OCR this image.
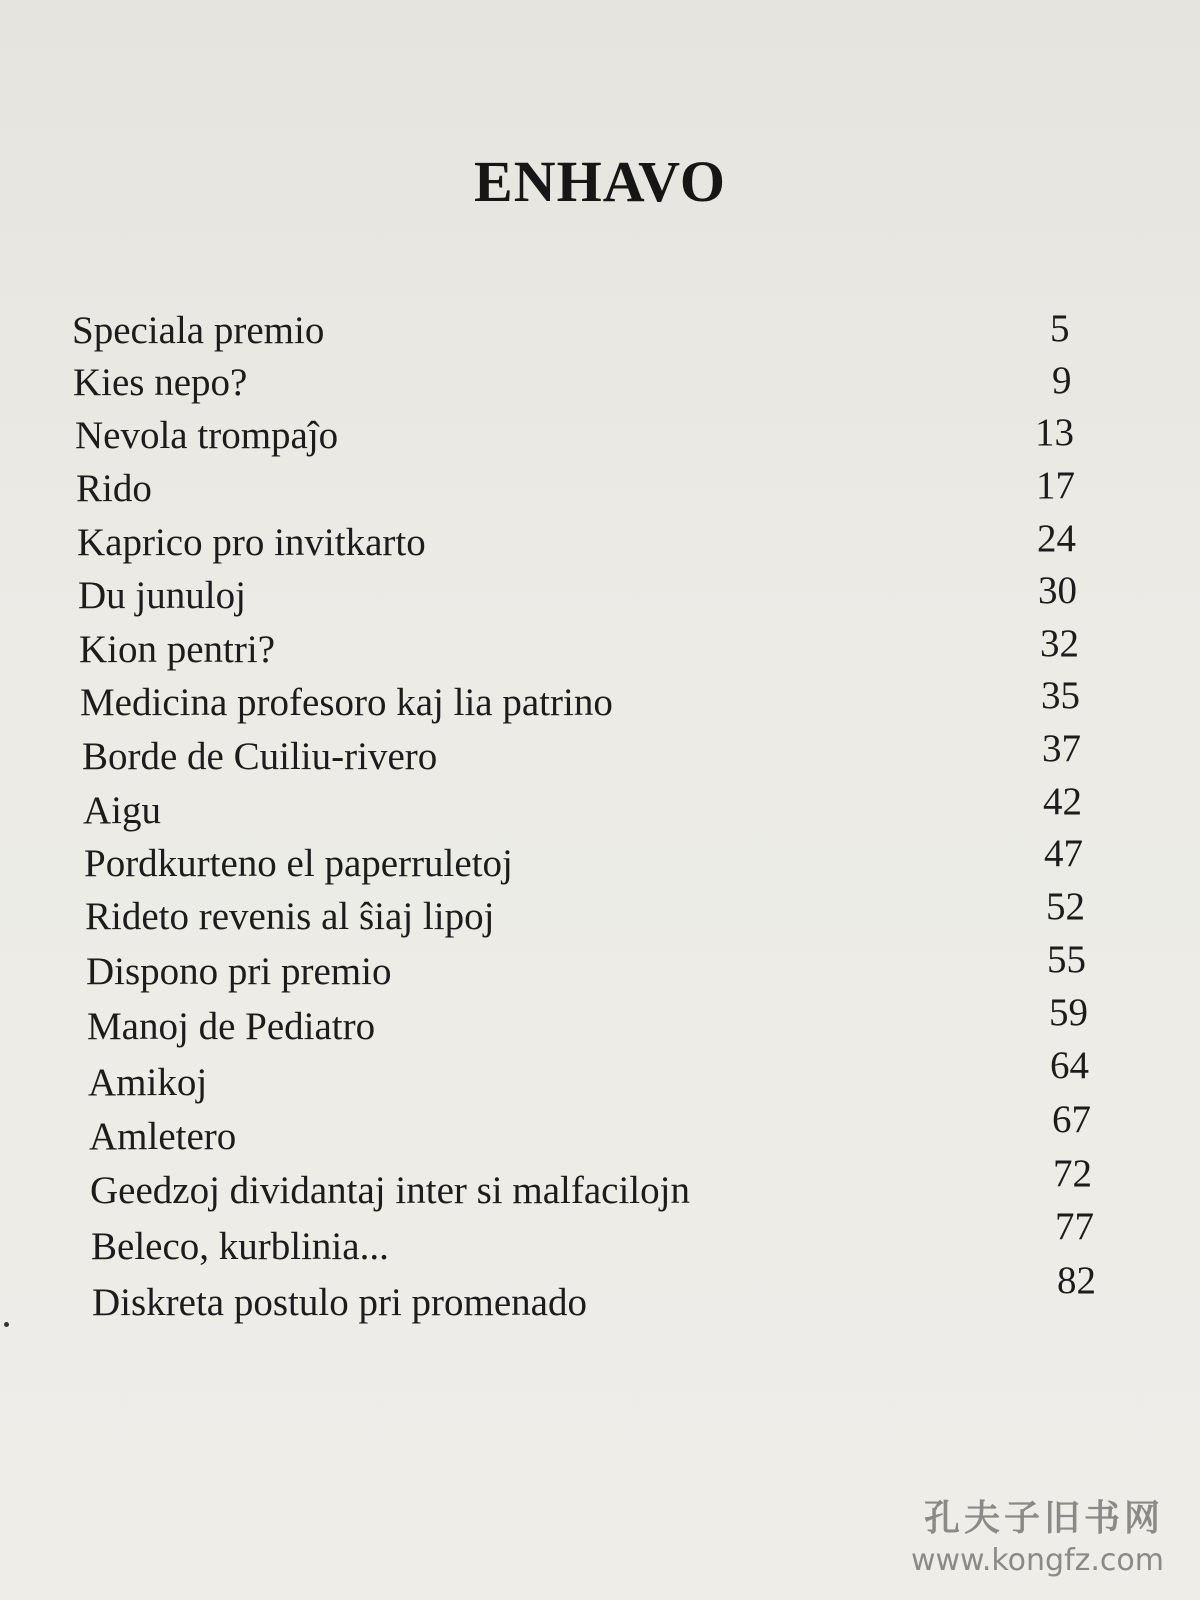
ENHAVO
Speciala premio
Kies nepo?
Nevola trompaĵo
Rido
Kaprico pro invitkarto
Du junuloj
Kion pentri?
Medicina profesoro kaj lia patrino
Borde de Cuiliu-rivero
Aigu
Pordkurteno el paperruletoj
Rideto revenis al ŝiaj lipoj
Dispono pri premio
Manoj de Pediatro
Amikoj
Amletero
Geedzoj dividantaj inter si malfacilojn
Beleco, kurblinia...
Diskreta postulo pri promenado
5
9
13
17
24
30
32
35
37
42
47
52
55
59
64
67
72
77
82
孔夫子旧书网
www.kongfz.com
